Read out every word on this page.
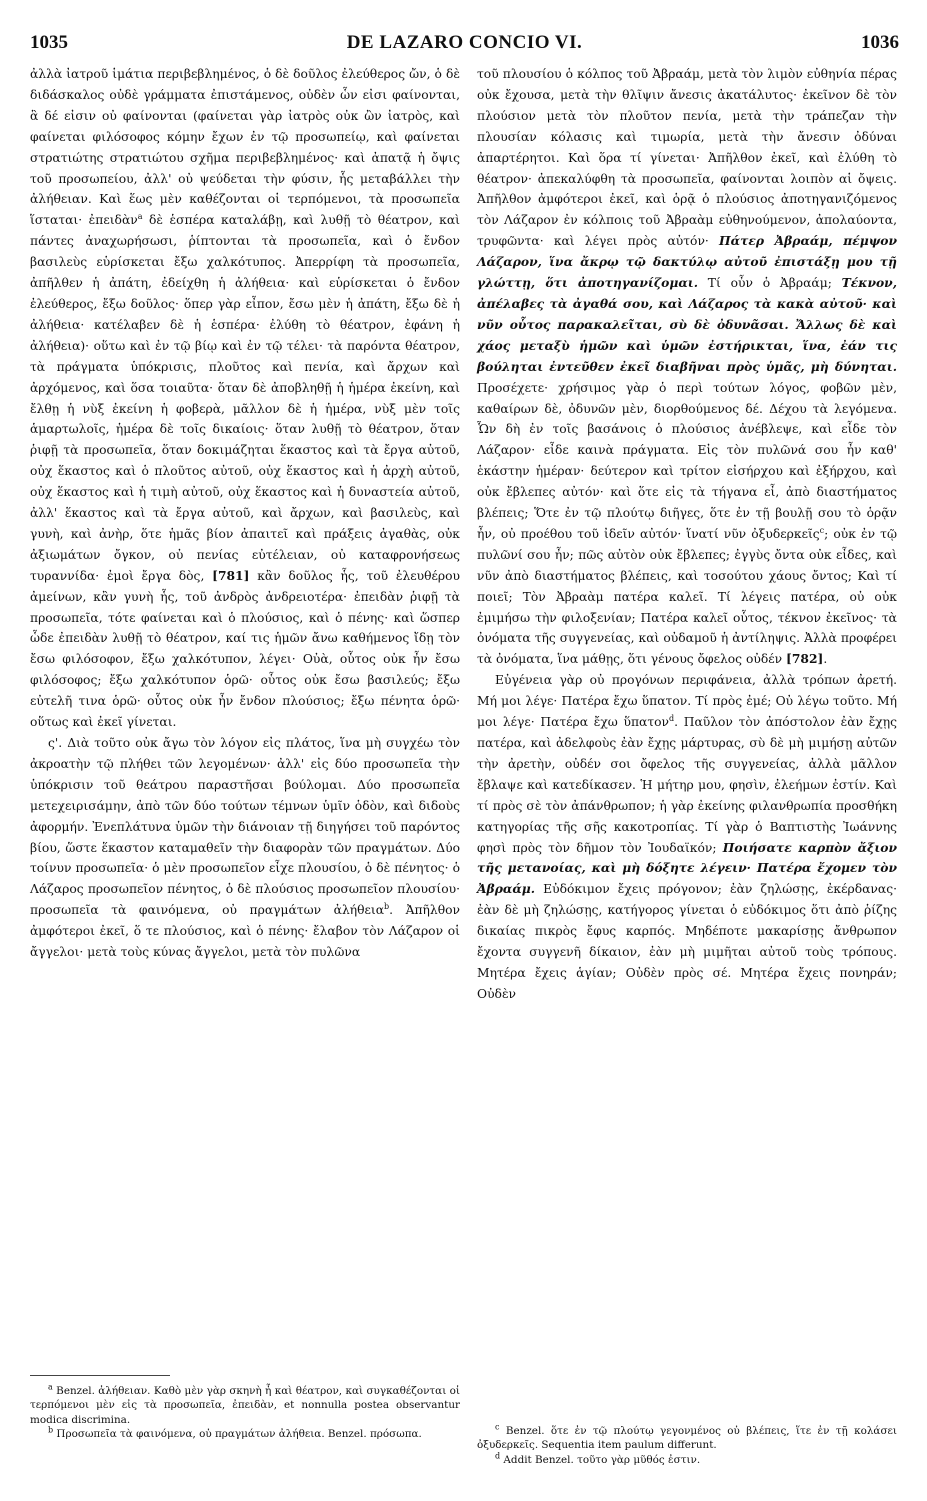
1035	DE LAZARO CONCIO VI.	1036

ἀλλὰ ἰατροῦ ἱμάτια περιβεβλημένος, ὁ δὲ δοῦλος ἐλεύθερος ὤν, ὁ δὲ διδάσκαλος οὐδὲ γράμματα ἐπιστάμενος, οὐδὲν ὧν εἰσι φαίνονται, ἃ δέ εἰσιν οὐ φαίνονται (φαίνεται γὰρ ἰατρὸς οὐκ ὢν ἰατρὸς, καὶ φαίνεται φιλόσοφος κόμην ἔχων ἐν τῷ προσωπείῳ, καὶ φαίνεται στρατιώτης στρατιώτου σχῆμα περιβεβλημένος· καὶ ἀπατᾷ ἡ ὄψις τοῦ προσωπείου, ἀλλ' οὐ ψεύδεται τὴν φύσιν, ἧς μεταβάλλει τὴν ἀλήθειαν. Καὶ ἕως μὲν καθέζονται οἱ τερπόμενοι, τὰ προσωπεῖα ἵσταται· ἐπειδὰν$^a$ δὲ ἑσπέρα καταλάβῃ, καὶ λυθῇ τὸ θέατρον, καὶ πάντες ἀναχωρήσωσι, ῥίπτονται τὰ προσωπεῖα, καὶ ὁ ἔνδον βασιλεὺς εὑρίσκεται ἔξω χαλκότυπος. Ἀπερρίφη τὰ προσωπεῖα, ἀπῆλθεν ἡ ἀπάτη, ἐδείχθη ἡ ἀλήθεια· καὶ εὑρίσκεται ὁ ἔνδον ἐλεύθερος, ἔξω δοῦλος· ὅπερ γὰρ εἶπον, ἔσω μὲν ἡ ἀπάτη, ἔξω δὲ ἡ ἀλήθεια· κατέλαβεν δὲ ἡ ἑσπέρα· ἐλύθη τὸ θέατρον, ἐφάνη ἡ ἀλήθεια)· οὕτω καὶ ἐν τῷ βίῳ καὶ ἐν τῷ τέλει· τὰ παρόντα θέατρον, τὰ πράγματα ὑπόκρισις, πλοῦτος καὶ πενία, καὶ ἄρχων καὶ ἀρχόμενος, καὶ ὅσα τοιαῦτα· ὅταν δὲ ἀποβληθῇ ἡ ἡμέρα ἐκείνη, καὶ ἔλθῃ ἡ νὺξ ἐκείνη ἡ φοβερὰ, μᾶλλον δὲ ἡ ἡμέρα, νὺξ μὲν τοῖς ἁμαρτωλοῖς, ἡμέρα δὲ τοῖς δικαίοις· ὅταν λυθῇ τὸ θέατρον, ὅταν ῥιφῇ τὰ προσωπεῖα, ὅταν δοκιμάζηται ἕκαστος καὶ τὰ ἔργα αὐτοῦ, οὐχ ἕκαστος καὶ ὁ πλοῦτος αὐτοῦ, οὐχ ἕκαστος καὶ ἡ ἀρχὴ αὐτοῦ, οὐχ ἕκαστος καὶ ἡ τιμὴ αὐτοῦ, οὐχ ἕκαστος καὶ ἡ δυναστεία αὐτοῦ, ἀλλ' ἕκαστος καὶ τὰ ἔργα αὐτοῦ, καὶ ἄρχων, καὶ βασιλεὺς, καὶ γυνὴ, καὶ ἀνὴρ, ὅτε ἡμᾶς βίον ἀπαιτεῖ καὶ πράξεις ἀγαθὰς, οὐκ ἀξιωμάτων ὄγκον, οὐ πενίας εὐτέλειαν, οὐ καταφρονήσεως τυραννίδα· ἐμοὶ ἔργα δὸς, [781] κἂν δοῦλος ἧς, τοῦ ἐλευθέρου ἀμείνων, κἂν γυνὴ ἧς, τοῦ ἀνδρὸς ἀνδρειοτέρα· ἐπειδὰν ῥιφῇ τὰ προσωπεῖα, τότε φαίνεται καὶ ὁ πλούσιος, καὶ ὁ πένης· καὶ ὥσπερ ὧδε ἐπειδὰν λυθῇ τὸ θέατρον, καί τις ἡμῶν ἄνω καθήμενος ἴδῃ τὸν ἔσω φιλόσοφον, ἔξω χαλκότυπον, λέγει· Οὐὰ, οὗτος οὐκ ἦν ἔσω φιλόσοφος; ἔξω χαλκότυπον ὁρῶ· οὗτος οὐκ ἔσω βασιλεύς; ἔξω εὐτελῆ τινα ὁρῶ· οὗτος οὐκ ἦν ἔνδον πλούσιος; ἔξω πένητα ὁρῶ· οὕτως καὶ ἐκεῖ γίνεται.

ς'. Διὰ τοῦτο οὐκ ἄγω τὸν λόγον εἰς πλάτος, ἵνα μὴ συγχέω τὸν ἀκροατὴν τῷ πλήθει τῶν λεγομένων· ἀλλ' εἰς δύο προσωπεῖα τὴν ὑπόκρισιν τοῦ θεάτρου παραστῆσαι βούλομαι. Δύο προσωπεῖα μετεχειρισάμην, ἀπὸ τῶν δύο τούτων τέμνων ὑμῖν ὁδὸν, καὶ διδοὺς ἀφορμήν. Ἐνεπλάτυνα ὑμῶν τὴν διάνοιαν τῇ διηγήσει τοῦ παρόντος βίου, ὥστε ἕκαστον καταμαθεῖν τὴν διαφορὰν τῶν πραγμάτων. Δύο τοίνυν προσωπεῖα· ὁ μὲν προσωπεῖον εἶχε πλουσίου, ὁ δὲ πένητος· ὁ Λάζαρος προσωπεῖον πένητος, ὁ δὲ πλούσιος προσωπεῖον πλουσίου· προσωπεῖα τὰ φαινόμενα, οὐ πραγμάτων ἀλήθεια$^b$. Ἀπῆλθον ἀμφότεροι ἐκεῖ, ὅ τε πλούσιος, καὶ ὁ πένης· ἔλαβον τὸν Λάζαρον οἱ ἄγγελοι· μετὰ τοὺς κύνας ἄγγελοι, μετὰ τὸν πυλῶνα

τοῦ πλουσίου ὁ κόλπος τοῦ Ἀβραάμ, μετὰ τὸν λιμὸν εὐθηνία πέρας οὐκ ἔχουσα, μετὰ τὴν θλῖψιν ἄνεσις ἀκατάλυτος· ἐκεῖνον δὲ τὸν πλούσιον μετὰ τὸν πλοῦτον πενία, μετὰ τὴν τράπεζαν τὴν πλουσίαν κόλασις καὶ τιμωρία, μετὰ τὴν ἄνεσιν ὀδύναι ἀπαρτέρητοι. Καὶ ὅρα τί γίνεται· Ἀπῆλθον ἐκεῖ, καὶ ἐλύθη τὸ θέατρον· ἀπεκαλύφθη τὰ προσωπεῖα, φαίνονται λοιπὸν αἱ ὄψεις. Ἀπῆλθον ἀμφότεροι ἐκεῖ, καὶ ὁρᾷ ὁ πλούσιος ἀποτηγανιζόμενος τὸν Λάζαρον ἐν κόλποις τοῦ Ἀβραὰμ εὐθηνούμενον, ἀπολαύοντα, τρυφῶντα· καὶ λέγει πρὸς αὐτόν· Πάτερ Ἀβραάμ, πέμψον Λάζαρον, ἵνα ἄκρῳ τῷ δακτύλῳ αὐτοῦ ἐπιστάξῃ μου τῇ γλώττῃ, ὅτι ἀποτηγανίζομαι. Τί οὖν ὁ Ἀβραάμ; Τέκνον, ἀπέλαβες τὰ ἀγαθά σου, καὶ Λάζαρος τὰ κακὰ αὐτοῦ· καὶ νῦν οὗτος παρακαλεῖται, σὺ δὲ ὀδυνᾶσαι. Ἄλλως δὲ καὶ χάος μεταξὺ ἡμῶν καὶ ὑμῶν ἐστήρικται, ἵνα, ἐάν τις βούληται ἐντεῦθεν ἐκεῖ διαβῆναι πρὸς ὑμᾶς, μὴ δύνηται. Προσέχετε· χρήσιμος γὰρ ὁ περὶ τούτων λόγος, φοβῶν μὲν, καθαίρων δὲ, ὀδυνῶν μὲν, διορθούμενος δέ. Δέχου τὰ λεγόμενα. Ὧν δὴ ἐν τοῖς βασάνοις ὁ πλούσιος ἀνέβλεψε, καὶ εἶδε τὸν Λάζαρον· εἶδε καινὰ πράγματα. Εἰς τὸν πυλῶνά σου ἦν καθ' ἑκάστην ἡμέραν· δεύτερον καὶ τρίτον εἰσήρχου καὶ ἐξήρχου, καὶ οὐκ ἔβλεπες αὐτόν· καὶ ὅτε εἰς τὰ τήγανα εἶ, ἀπὸ διαστήματος βλέπεις; Ὅτε ἐν τῷ πλούτῳ διῆγες, ὅτε ἐν τῇ βουλῇ σου τὸ ὁρᾷν ἦν, οὐ προέθου τοῦ ἰδεῖν αὐτόν· ἵνατί νῦν ὀξυδερκεῖς$^c$; οὐκ ἐν τῷ πυλῶνί σου ἦν; πῶς αὐτὸν οὐκ ἔβλεπες; ἐγγὺς ὄντα οὐκ εἶδες, καὶ νῦν ἀπὸ διαστήματος βλέπεις, καὶ τοσούτου χάους ὄντος; Καὶ τί ποιεῖ; Τὸν Ἀβραὰμ πατέρα καλεῖ. Τί λέγεις πατέρα, οὐ οὐκ ἐμιμήσω τὴν φιλοξενίαν; Πατέρα καλεῖ οὗτος, τέκνον ἐκεῖνος· τὰ ὀνόματα τῆς συγγενείας, καὶ οὐδαμοῦ ἡ ἀντίληψις. Ἀλλὰ προφέρει τὰ ὀνόματα, ἵνα μάθῃς, ὅτι γένους ὄφελος οὐδέν [782].

Εὐγένεια γὰρ οὐ προγόνων περιφάνεια, ἀλλὰ τρόπων ἀρετή. Μή μοι λέγε· Πατέρα ἔχω ὕπατον. Τί πρὸς ἐμέ; Οὐ λέγω τοῦτο. Μή μοι λέγε· Πατέρα ἔχω ὕπατον$^d$. Παῦλον τὸν ἀπόστολον ἐὰν ἔχῃς πατέρα, καὶ ἀδελφοὺς ἐὰν ἔχῃς μάρτυρας, σὺ δὲ μὴ μιμήσῃ αὐτῶν τὴν ἀρετὴν, οὐδέν σοι ὄφελος τῆς συγγενείας, ἀλλὰ μᾶλλον ἔβλαψε καὶ κατεδίκασεν. Ἡ μήτηρ μου, φησὶν, ἐλεήμων ἐστίν. Καὶ τί πρὸς σὲ τὸν ἀπάνθρωπον; ἡ γὰρ ἐκείνης φιλανθρωπία προσθήκη κατηγορίας τῆς σῆς κακοτροπίας. Τί γὰρ ὁ Βαπτιστὴς Ἰωάννης φησὶ πρὸς τὸν δῆμον τὸν Ἰουδαϊκόν; Ποιήσατε καρπὸν ἄξιον τῆς μετανοίας, καὶ μὴ δόξητε λέγειν· Πατέρα ἔχομεν τὸν Ἀβραάμ. Εὐδόκιμον ἔχεις πρόγονον; ἐὰν ζηλώσῃς, ἐκέρδανας· ἐὰν δὲ μὴ ζηλώσῃς, κατήγορος γίνεται ὁ εὐδόκιμος ὅτι ἀπὸ ῥίζης δικαίας πικρὸς ἔφυς καρπός. Μηδέποτε μακαρίσῃς ἄνθρωπον ἔχοντα συγγενῆ δίκαιον, ἐὰν μὴ μιμῆται αὐτοῦ τοὺς τρόπους. Μητέρα ἔχεις ἁγίαν; Οὐδὲν πρὸς σέ. Μητέρα ἔχεις πονηράν; Οὐδὲν

$^a$ Benzel. ἀλήθειαν. Καθὸ μὲν γὰρ σκηνὴ ἦ καὶ θέατρον, καὶ συγκαθέζονται οἱ τερπόμενοι μὲν εἰς τὰ προσωπεῖα, ἐπειδὰν, et nonnulla postea observantur modica discrimina.

$^b$ Προσωπεῖα τὰ φαινόμενα, οὐ πραγμάτων ἀλήθεια. Benzel. πρόσωπα.

$^c$ Benzel. ὅτε ἐν τῷ πλούτῳ γεγονμένος οὐ βλέπεις, ἵτε ἐν τῇ κολάσει ὀξυδερκεῖς. Sequentia item paulum differunt.

$^d$ Addit Benzel. τοῦτο γὰρ μῦθός ἐστιν.
